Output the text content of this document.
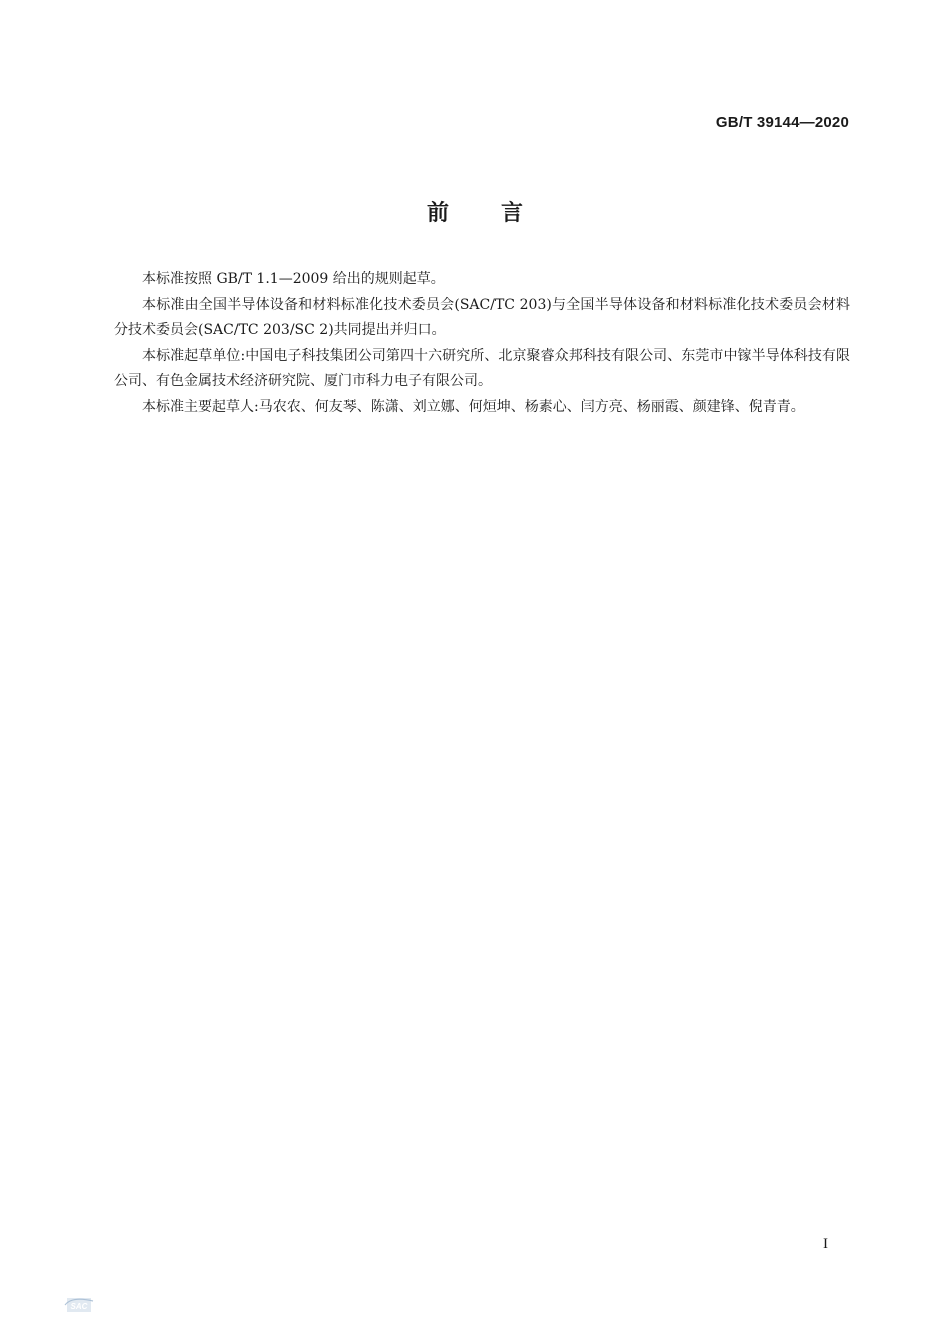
GB/T 39144—2020
前 言

本标准按照 GB/T 1.1—2009 给出的规则起草。

本标准由全国半导体设备和材料标准化技术委员会(SAC/TC 203)与全国半导体设备和材料标准化技术委员会材料分技术委员会(SAC/TC 203/SC 2)共同提出并归口。

本标准起草单位:中国电子科技集团公司第四十六研究所、北京聚睿众邦科技有限公司、东莞市中镓半导体科技有限公司、有色金属技术经济研究院、厦门市科力电子有限公司。

本标准主要起草人:马农农、何友琴、陈潇、刘立娜、何烜坤、杨素心、闫方亮、杨丽霞、颜建锋、倪青青。

I
SAC
